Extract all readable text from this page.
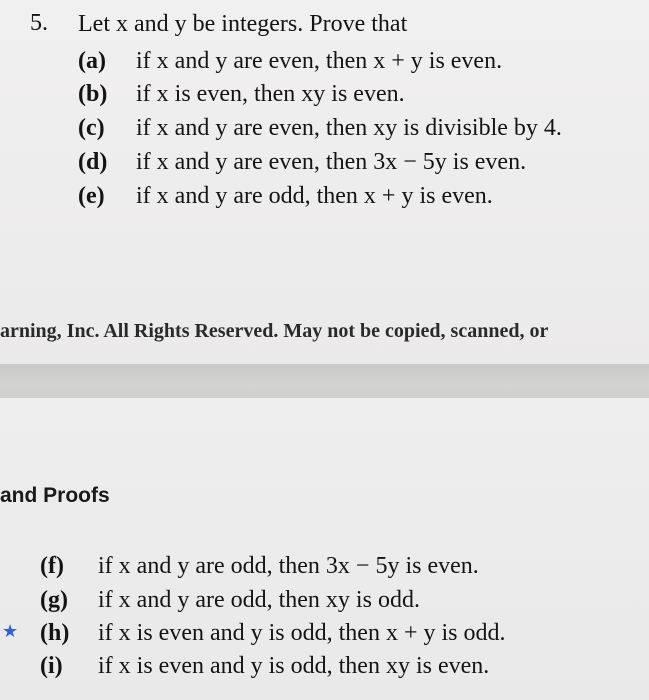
5. Let x and y be integers. Prove that
(a) if x and y are even, then x + y is even.
(b) if x is even, then xy is even.
(c) if x and y are even, then xy is divisible by 4.
(d) if x and y are even, then 3x − 5y is even.
(e) if x and y are odd, then x + y is even.
arning, Inc. All Rights Reserved. May not be copied, scanned, or
and Proofs
(f) if x and y are odd, then 3x − 5y is even.
(g) if x and y are odd, then xy is odd.
★ (h) if x is even and y is odd, then x + y is odd.
(i) if x is even and y is odd, then xy is even.
